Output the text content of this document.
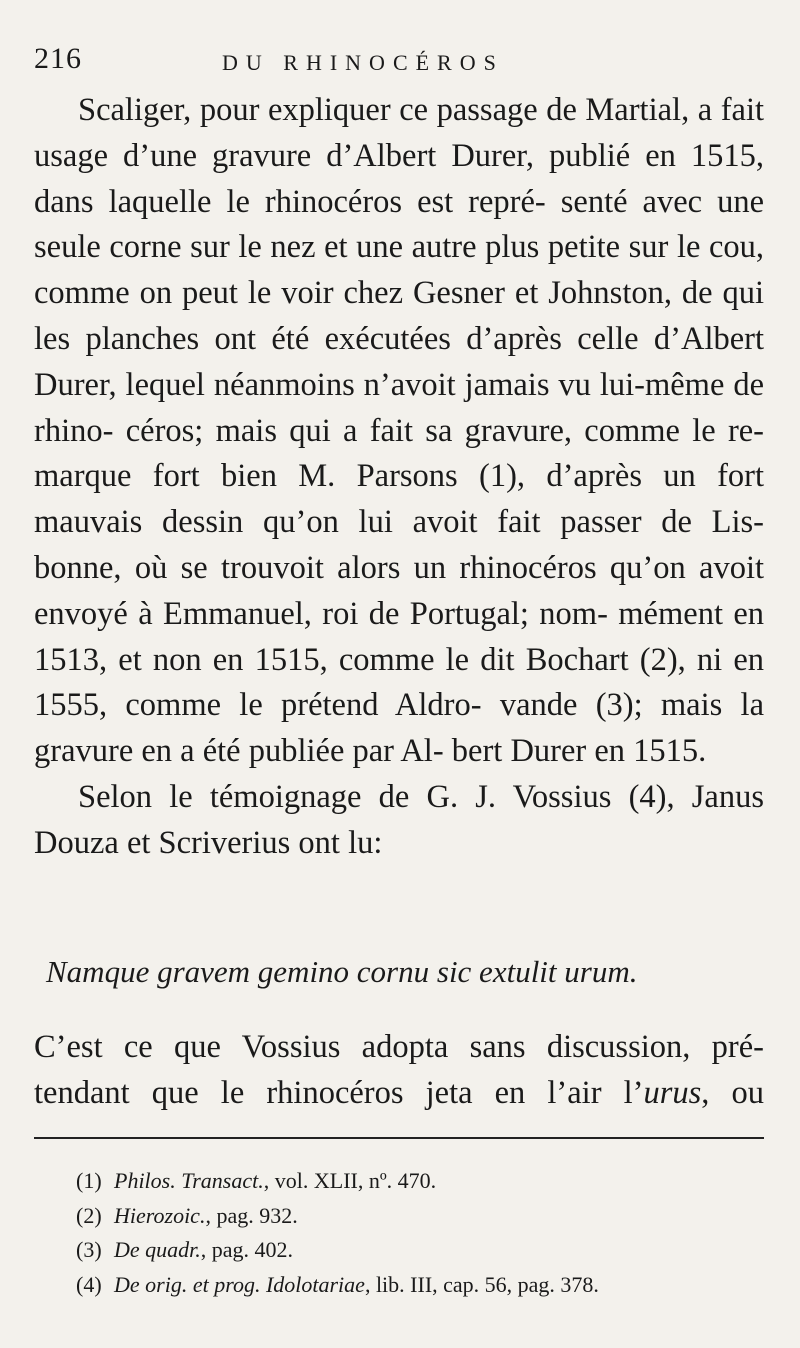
216	DU RHINOCÉROS

Scaliger, pour expliquer ce passage de Martial, a fait usage d’une gravure d’Albert Durer, publié en 1515, dans laquelle le rhinocéros est repré- senté avec une seule corne sur le nez et une autre plus petite sur le cou, comme on peut le voir chez Gesner et Johnston, de qui les planches ont été exécutées d’après celle d’Albert Durer, lequel néanmoins n’avoit jamais vu lui-même de rhino- céros; mais qui a fait sa gravure, comme le re- marque fort bien M. Parsons (1), d’après un fort mauvais dessin qu’on lui avoit fait passer de Lis- bonne, où se trouvoit alors un rhinocéros qu’on avoit envoyé à Emmanuel, roi de Portugal; nom- mément en 1513, et non en 1515, comme le dit Bochart (2), ni en 1555, comme le prétend Aldro- vande (3); mais la gravure en a été publiée par Al- bert Durer en 1515.

Selon le témoignage de G. J. Vossius (4), Janus Douza et Scriverius ont lu:

Namque gravem gemino cornu sic extulit urum.
C’est ce que Vossius adopta sans discussion, pré- tendant que le rhinocéros jeta en l’air l’urus, ou
(1) Philos. Transact., vol. XLII, nº. 470.
(2) Hierozoic., pag. 932.
(3) De quadr., pag. 402.
(4) De orig. et prog. Idolotariae, lib. III, cap. 56, pag. 378.
